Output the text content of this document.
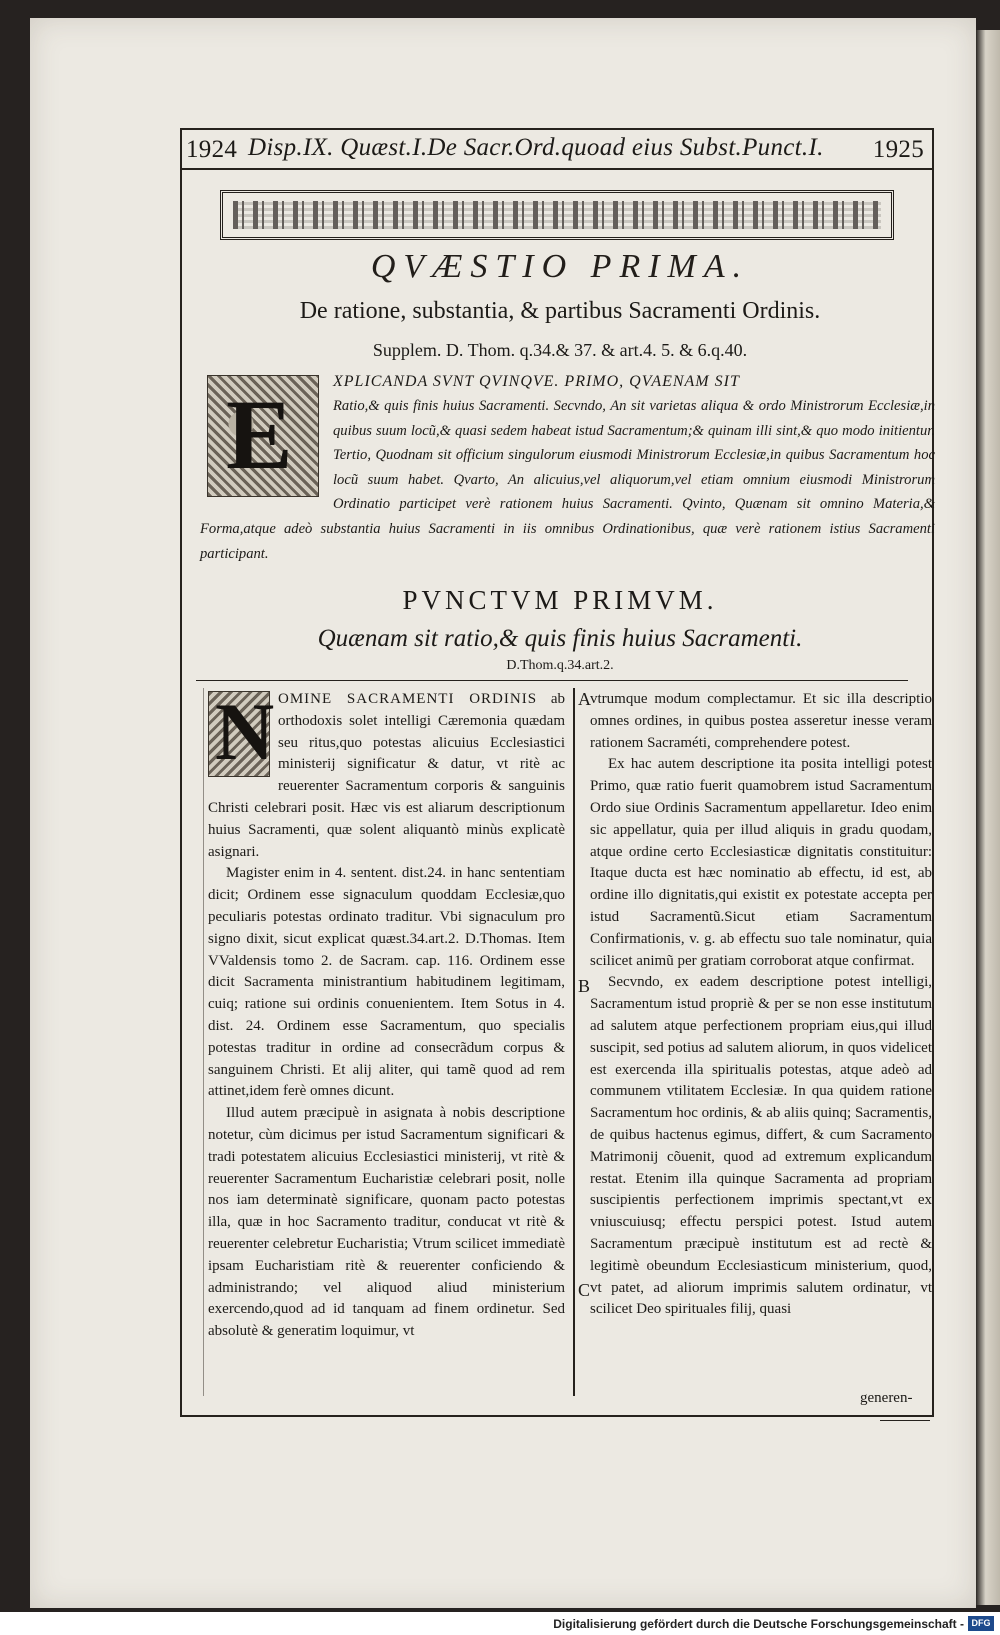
1924 Disp.IX. Quæst.I.De Sacr.Ord.quoad eius Subst.Punct.I. 1925
QVÆSTIO PRIMA.
De ratione, substantia, & partibus Sacramenti Ordinis.
Supplem. D. Thom. q.34.& 37. & art.4. 5. & 6.q.40.
E	XPLICANDA SVNT QVINQVE. PRIMO, QVAENAM SIT
Ratio,& quis finis huius Sacramenti. Secvndo, An sit varietas aliqua & ordo Ministrorum Ecclesiæ,in quibus suum locũ,& quasi sedem habeat istud Sacramentum;& quinam illi sint,& quo modo initientur. Tertio, Quodnam sit officium singulorum eiusmodi Ministrorum Ecclesiæ,in quibus Sacramentum hoc locũ suum habet. Qvarto, An alicuius,vel aliquorum,vel etiam omnium eiusmodi Ministrorum Ordinatio participet verè rationem huius Sacramenti. Qvinto, Quænam sit omnino Materia,& Forma,atque adeò substantia huius Sacramenti in iis omnibus Ordinationibus, quæ verè rationem istius Sacramenti participant.
PVNCTVM PRIMVM.
Quænam sit ratio,& quis finis huius Sacramenti.
D.Thom.q.34.art.2.
A
B
C

N OMINE SACRAMENTI ORDINIS ab orthodoxis solet intelligi Cæremonia quædam seu ritus,quo potestas alicuius Ecclesiastici ministerij significatur & datur, vt ritè ac reuerenter Sacramentum corporis & sanguinis Christi celebrari posit. Hæc vis est aliarum descriptionum huius Sacramenti, quæ solent aliquantò minùs explicatè asignari.

Magister enim in 4. sentent. dist.24. in hanc sententiam dicit; Ordinem esse signaculum quoddam Ecclesiæ,quo peculiaris potestas ordinato traditur. Vbi signaculum pro signo dixit, sicut explicat quæst.34.art.2. D.Thomas. Item VValdensis tomo 2. de Sacram. cap. 116. Ordinem esse dicit Sacramenta ministrantium habitudinem legitimam, cuiq; ratione sui ordinis conuenientem. Item Sotus in 4. dist. 24. Ordinem esse Sacramentum, quo specialis potestas traditur in ordine ad consecrãdum corpus & sanguinem Christi. Et alij aliter, qui tamẽ quod ad rem attinet,idem ferè omnes dicunt.

Illud autem præcipuè in asignata à nobis descriptione notetur, cùm dicimus per istud Sacramentum significari & tradi potestatem alicuius Ecclesiastici ministerij, vt ritè & reuerenter Sacramentum Eucharistiæ celebrari posit, nolle nos iam determinatè significare, quonam pacto potestas illa, quæ in hoc Sacramento traditur, conducat vt ritè & reuerenter celebretur Eucharistia; Vtrum scilicet immediatè ipsam Eucharistiam ritè & reuerenter conficiendo & administrando; vel aliquod aliud ministerium exercendo,quod ad id tanquam ad finem ordinetur. Sed absolutè & generatim loquimur, vt

vtrumque modum complectamur. Et sic illa descriptio omnes ordines, in quibus postea asseretur inesse veram rationem Sacraméti, comprehendere potest.

Ex hac autem descriptione ita posita intelligi potest Primo, quæ ratio fuerit quamobrem istud Sacramentum Ordo siue Ordinis Sacramentum appellaretur. Ideo enim sic appellatur, quia per illud aliquis in gradu quodam, atque ordine certo Ecclesiasticæ dignitatis constituitur: Itaque ducta est hæc nominatio ab effectu, id est, ab ordine illo dignitatis,qui existit ex potestate accepta per istud Sacramentũ.Sicut etiam Sacramentum Confirmationis, v. g. ab effectu suo tale nominatur, quia scilicet animũ per gratiam corroborat atque confirmat.

Secvndo, ex eadem descriptione potest intelligi, Sacramentum istud propriè & per se non esse institutum ad salutem atque perfectionem propriam eius,qui illud suscipit, sed potius ad salutem aliorum, in quos videlicet est exercenda illa spiritualis potestas, atque adeò ad communem vtilitatem Ecclesiæ. In qua quidem ratione Sacramentum hoc ordinis, & ab aliis quinq; Sacramentis, de quibus hactenus egimus, differt, & cum Sacramento Matrimonij cõuenit, quod ad extremum explicandum restat. Etenim illa quinque Sacramenta ad propriam suscipientis perfectionem imprimis spectant,vt ex vniuscuiusq; effectu perspici potest. Istud autem Sacramentum præcipuè institutum est ad rectè & legitimè obeundum Ecclesiasticum ministerium, quod, vt patet, ad aliorum imprimis salutem ordinatur, vt scilicet Deo spirituales filij, quasi

generen-
Digitalisierung gefördert durch die Deutsche Forschungsgemeinschaft - DFG
